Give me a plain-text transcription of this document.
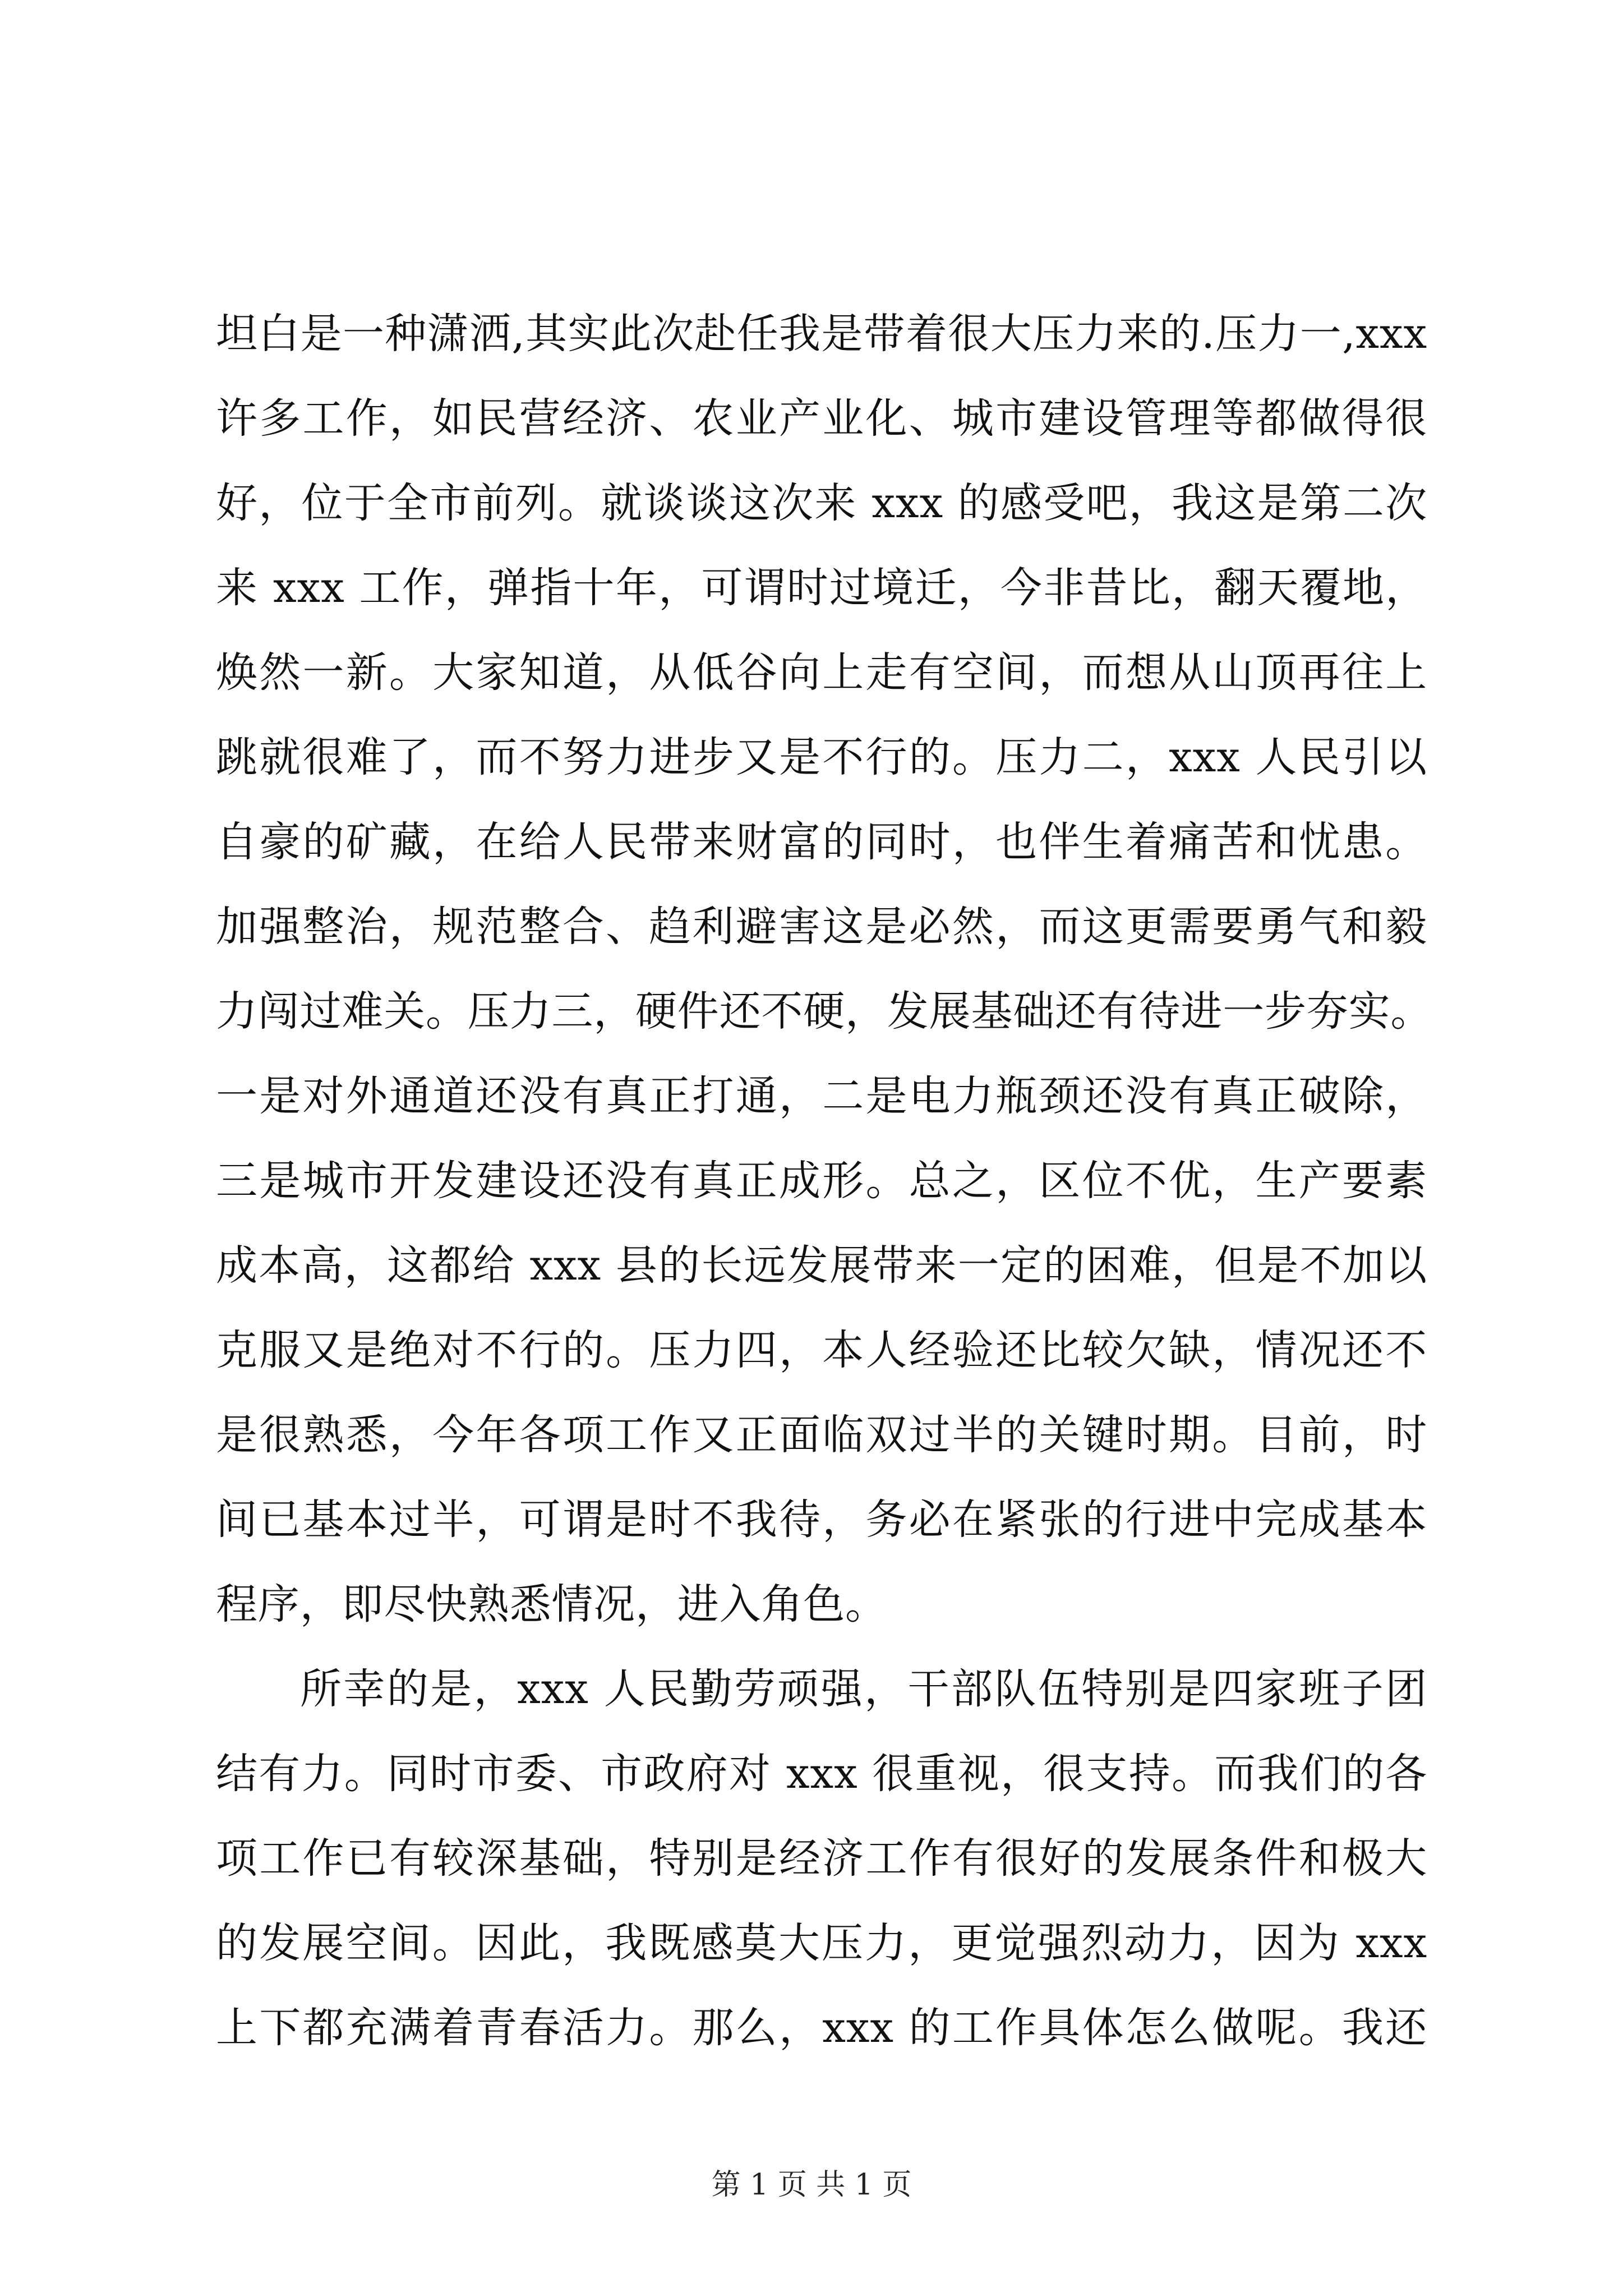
坦白是一种潇洒,其实此次赴任我是带着很大压力来的.压力一,xxx
许多工作，如民营经济、农业产业化、城市建设管理等都做得很
好，位于全市前列。就谈谈这次来 xxx 的感受吧，我这是第二次
来 xxx 工作，弹指十年，可谓时过境迁，今非昔比，翻天覆地，
焕然一新。大家知道，从低谷向上走有空间，而想从山顶再往上
跳就很难了，而不努力进步又是不行的。压力二，xxx 人民引以
自豪的矿藏，在给人民带来财富的同时，也伴生着痛苦和忧患。
加强整治，规范整合、趋利避害这是必然，而这更需要勇气和毅
力闯过难关。压力三，硬件还不硬，发展基础还有待进一步夯实。
一是对外通道还没有真正打通，二是电力瓶颈还没有真正破除，
三是城市开发建设还没有真正成形。总之，区位不优，生产要素
成本高，这都给 xxx 县的长远发展带来一定的困难，但是不加以
克服又是绝对不行的。压力四，本人经验还比较欠缺，情况还不
是很熟悉，今年各项工作又正面临双过半的关键时期。目前，时
间已基本过半，可谓是时不我待，务必在紧张的行进中完成基本
程序，即尽快熟悉情况，进入角色。
所幸的是，xxx 人民勤劳顽强，干部队伍特别是四家班子团
结有力。同时市委、市政府对 xxx 很重视，很支持。而我们的各
项工作已有较深基础，特别是经济工作有很好的发展条件和极大
的发展空间。因此，我既感莫大压力，更觉强烈动力，因为 xxx
上下都充满着青春活力。那么，xxx 的工作具体怎么做呢。我还
第 1 页 共 1 页
